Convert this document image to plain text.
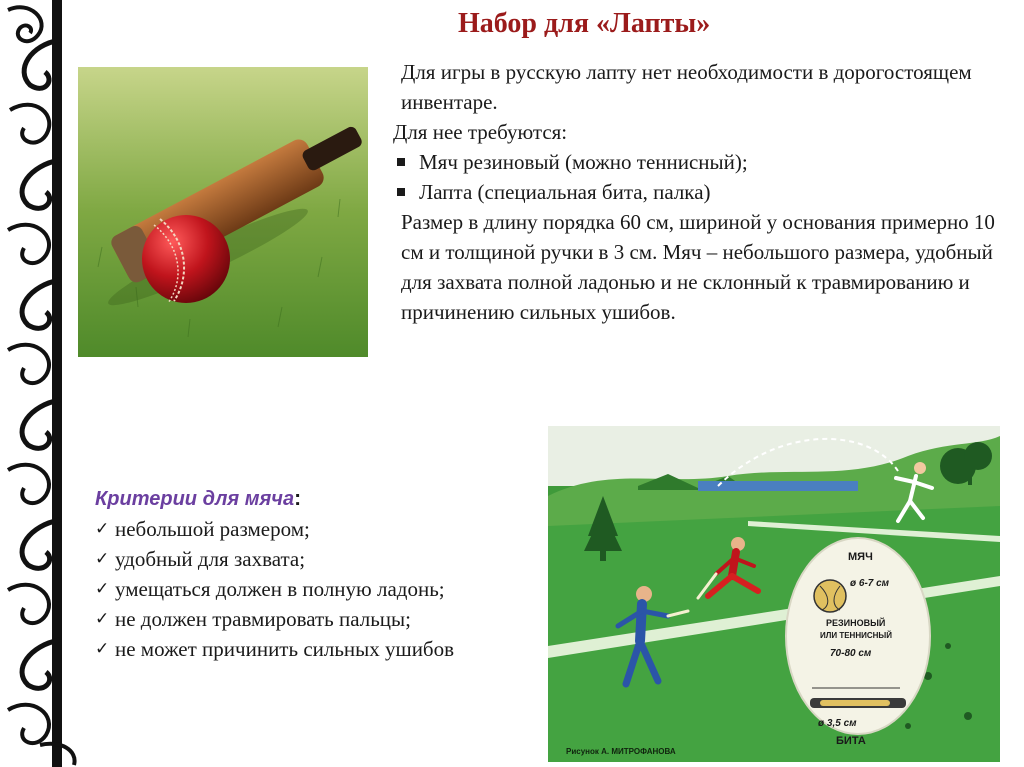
Набор для «Лапты»

Для игры в русскую лапту нет необходимости в дорогостоящем инвентаре.

Для нее требуются:

Мяч резиновый (можно теннисный);

Лапта (специальная бита, палка)

Размер в длину порядка 60 см, шириной у основания примерно 10 см и толщиной ручки в 3 см. Мяч – небольшого размера, удобный для захвата полной ладонью и не склонный к травмированию и причинению сильных ушибов.

Критерии для мяча:
✓ небольшой размером;
✓ удобный для захвата;
✓ умещаться должен в полную ладонь;
✓ не должен травмировать пальцы;
✓ не может причинить сильных ушибов
МЯЧ
ø 6-7 см
РЕЗИНОВЫЙ
ИЛИ ТЕННИСНЫЙ
70-80 см
ø 3,5 см
БИТА
Рисунок А. МИТРОФАНОВА
